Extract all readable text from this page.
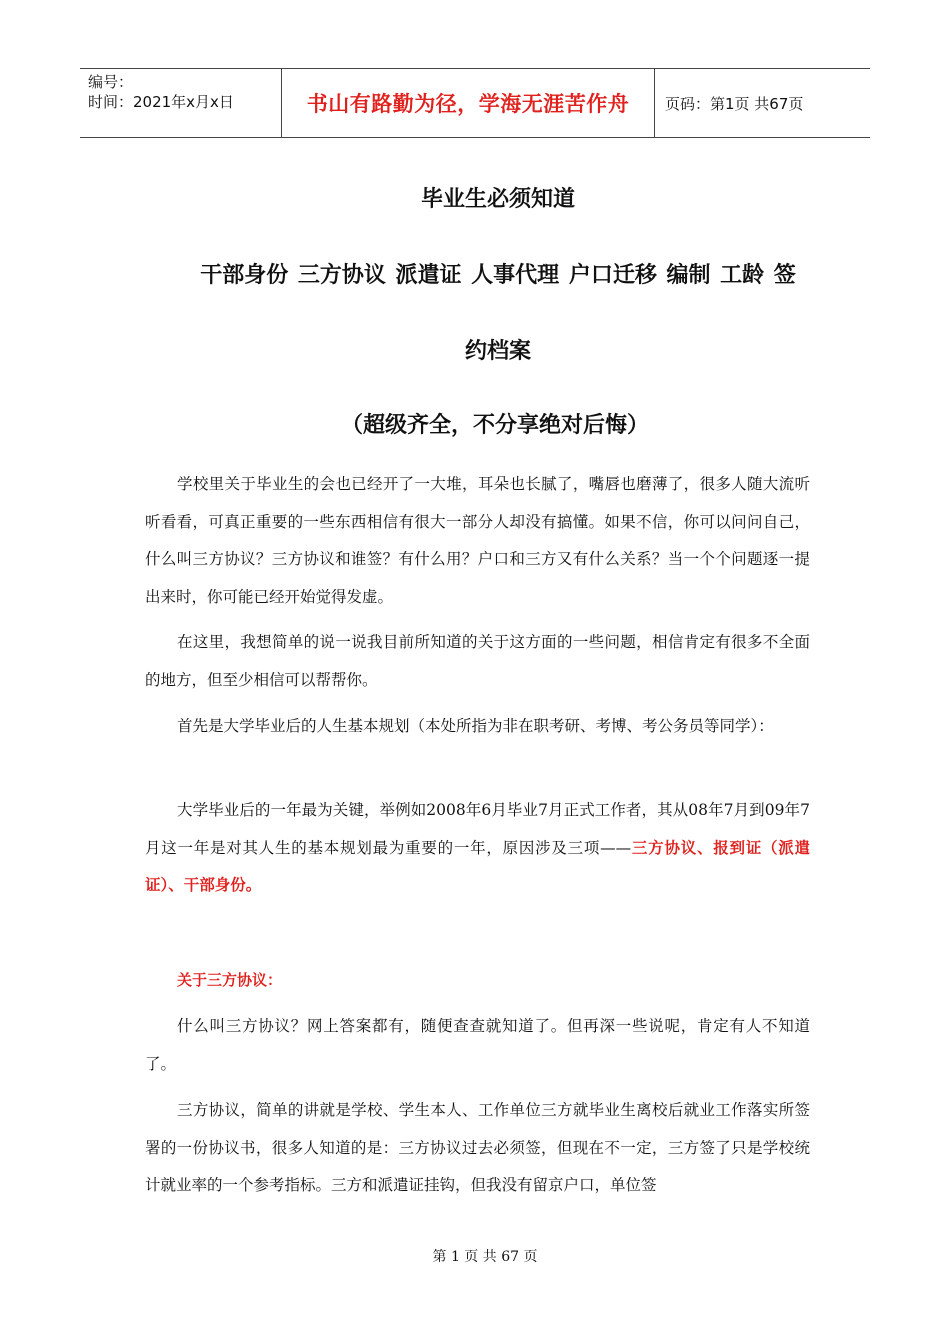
编号：
时间：2021年x月x日	书山有路勤为径，学海无涯苦作舟	页码：第1页 共67页
毕业生必须知道
干部身份 三方协议 派遣证 人事代理 户口迁移 编制 工龄 签
约档案
（超级齐全，不分享绝对后悔）
学校里关于毕业生的会也已经开了一大堆，耳朵也长腻了，嘴唇也磨薄了，很多人随大流听听看看，可真正重要的一些东西相信有很大一部分人却没有搞懂。如果不信，你可以问问自己，什么叫三方协议？三方协议和谁签？有什么用？户口和三方又有什么关系？当一个个问题逐一提出来时，你可能已经开始觉得发虚。
在这里，我想简单的说一说我目前所知道的关于这方面的一些问题，相信肯定有很多不全面的地方，但至少相信可以帮帮你。
首先是大学毕业后的人生基本规划（本处所指为非在职考研、考博、考公务员等同学）：
大学毕业后的一年最为关键，举例如2008年6月毕业7月正式工作者，其从08年7月到09年7月这一年是对其人生的基本规划最为重要的一年，原因涉及三项——三方协议、报到证（派遣证）、干部身份。
关于三方协议：
什么叫三方协议？网上答案都有，随便查查就知道了。但再深一些说呢，肯定有人不知道了。
三方协议，简单的讲就是学校、学生本人、工作单位三方就毕业生离校后就业工作落实所签署的一份协议书，很多人知道的是：三方协议过去必须签，但现在不一定，三方签了只是学校统计就业率的一个参考指标。三方和派遣证挂钩，但我没有留京户口，单位签
第 1 页 共 67 页
